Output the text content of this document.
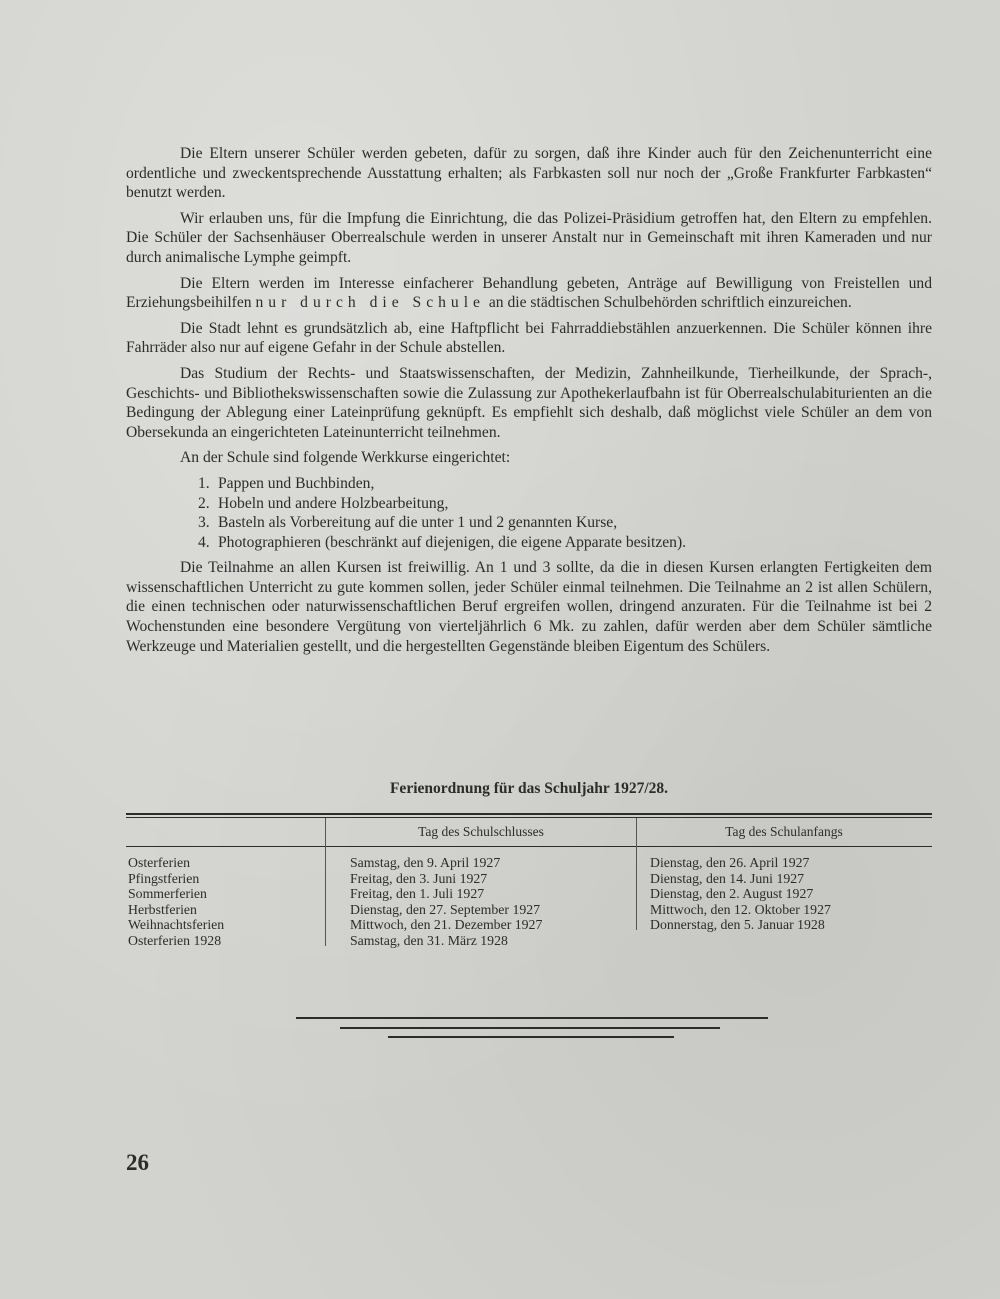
Die Eltern unserer Schüler werden gebeten, dafür zu sorgen, daß ihre Kinder auch für den Zeichenunterricht eine ordentliche und zweckentsprechende Ausstattung erhalten; als Farbkasten soll nur noch der „Große Frankfurter Farbkasten“ benutzt werden.

Wir erlauben uns, für die Impfung die Einrichtung, die das Polizei-Präsidium getroffen hat, den Eltern zu empfehlen. Die Schüler der Sachsenhäuser Oberrealschule werden in unserer Anstalt nur in Gemeinschaft mit ihren Kameraden und nur durch animalische Lymphe geimpft.

Die Eltern werden im Interesse einfacherer Behandlung gebeten, Anträge auf Bewilligung von Freistellen und Erziehungsbeihilfen nur durch die Schule an die städtischen Schulbehörden schriftlich einzureichen.

Die Stadt lehnt es grundsätzlich ab, eine Haftpflicht bei Fahrraddiebstählen anzuerkennen. Die Schüler können ihre Fahrräder also nur auf eigene Gefahr in der Schule abstellen.

Das Studium der Rechts- und Staatswissenschaften, der Medizin, Zahnheilkunde, Tierheilkunde, der Sprach-, Geschichts- und Bibliothekswissenschaften sowie die Zulassung zur Apothekerlaufbahn ist für Oberrealschulabiturienten an die Bedingung der Ablegung einer Lateinprüfung geknüpft. Es empfiehlt sich deshalb, daß möglichst viele Schüler an dem von Obersekunda an eingerichteten Lateinunterricht teilnehmen.

An der Schule sind folgende Werkkurse eingerichtet:

1. Pappen und Buchbinden,
2. Hobeln und andere Holzbearbeitung,
3. Basteln als Vorbereitung auf die unter 1 und 2 genannten Kurse,
4. Photographieren (beschränkt auf diejenigen, die eigene Apparate besitzen).

Die Teilnahme an allen Kursen ist freiwillig. An 1 und 3 sollte, da die in diesen Kursen erlangten Fertigkeiten dem wissenschaftlichen Unterricht zu gute kommen sollen, jeder Schüler einmal teilnehmen. Die Teilnahme an 2 ist allen Schülern, die einen technischen oder naturwissenschaftlichen Beruf ergreifen wollen, dringend anzuraten. Für die Teilnahme ist bei 2 Wochenstunden eine besondere Vergütung von vierteljährlich 6 Mk. zu zahlen, dafür werden aber dem Schüler sämtliche Werkzeuge und Materialien gestellt, und die hergestellten Gegenstände bleiben Eigentum des Schülers.

Ferienordnung für das Schuljahr 1927/28.
Tag des Schulschlusses	Tag des Schulanfangs
Osterferien
Pfingstferien
Sommerferien
Herbstferien
Weihnachtsferien
Osterferien 1928
Samstag, den 9. April 1927
Freitag, den 3. Juni 1927
Freitag, den 1. Juli 1927
Dienstag, den 27. September 1927
Mittwoch, den 21. Dezember 1927
Samstag, den 31. März 1928
Dienstag, den 26. April 1927
Dienstag, den 14. Juni 1927
Dienstag, den 2. August 1927
Mittwoch, den 12. Oktober 1927
Donnerstag, den 5. Januar 1928
26
